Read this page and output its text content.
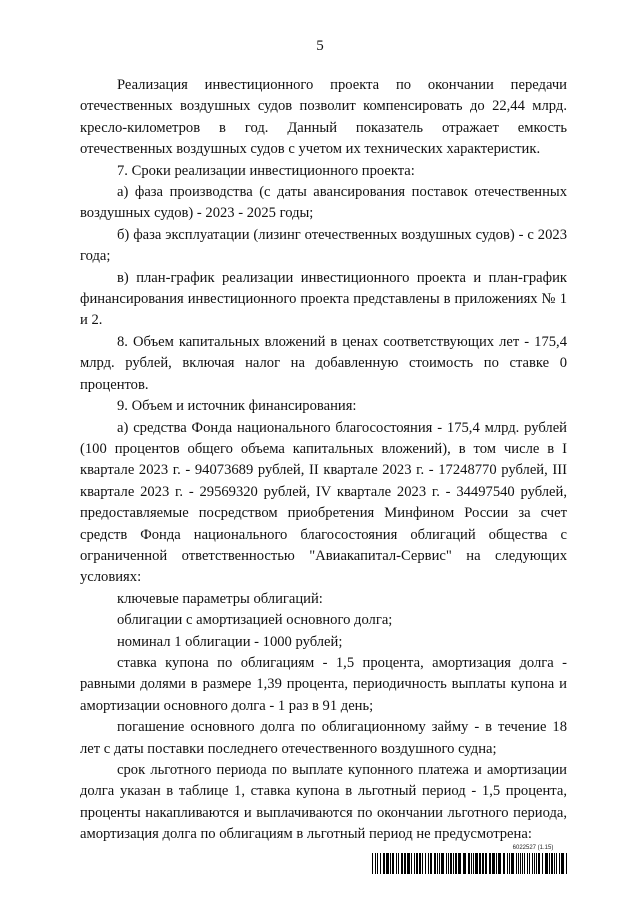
5

Реализация инвестиционного проекта по окончании передачи отечественных воздушных судов позволит компенсировать до 22,44 млрд. кресло-километров в год. Данный показатель отражает емкость отечественных воздушных судов с учетом их технических характеристик.

7. Сроки реализации инвестиционного проекта:

а) фаза производства (с даты авансирования поставок отечественных воздушных судов) - 2023 - 2025 годы;

б) фаза эксплуатации (лизинг отечественных воздушных судов) - с 2023 года;

в) план-график реализации инвестиционного проекта и план-график финансирования инвестиционного проекта представлены в приложениях № 1 и 2.

8. Объем капитальных вложений в ценах соответствующих лет - 175,4 млрд. рублей, включая налог на добавленную стоимость по ставке 0 процентов.

9. Объем и источник финансирования:

а) средства Фонда национального благосостояния - 175,4 млрд. рублей (100 процентов общего объема капитальных вложений), в том числе в I квартале 2023 г. - 94073689 рублей, II квартале 2023 г. - 17248770 рублей, III квартале 2023 г. - 29569320 рублей, IV квартале 2023 г. - 34497540 рублей, предоставляемые посредством приобретения Минфином России за счет средств Фонда национального благосостояния облигаций общества с ограниченной ответственностью "Авиакапитал-Сервис" на следующих условиях:

ключевые параметры облигаций:

облигации с амортизацией основного долга;

номинал 1 облигации - 1000 рублей;

ставка купона по облигациям - 1,5 процента, амортизация долга - равными долями в размере 1,39 процента, периодичность выплаты купона и амортизации основного долга - 1 раз в 91 день;

погашение основного долга по облигационному займу - в течение 18 лет с даты поставки последнего отечественного воздушного судна;

срок льготного периода по выплате купонного платежа и амортизации долга указан в таблице 1, ставка купона в льготный период - 1,5 процента, проценты накапливаются и выплачиваются по окончании льготного периода, амортизация долга по облигациям в льготный период не предусмотрена:

6022527 (1.15)
